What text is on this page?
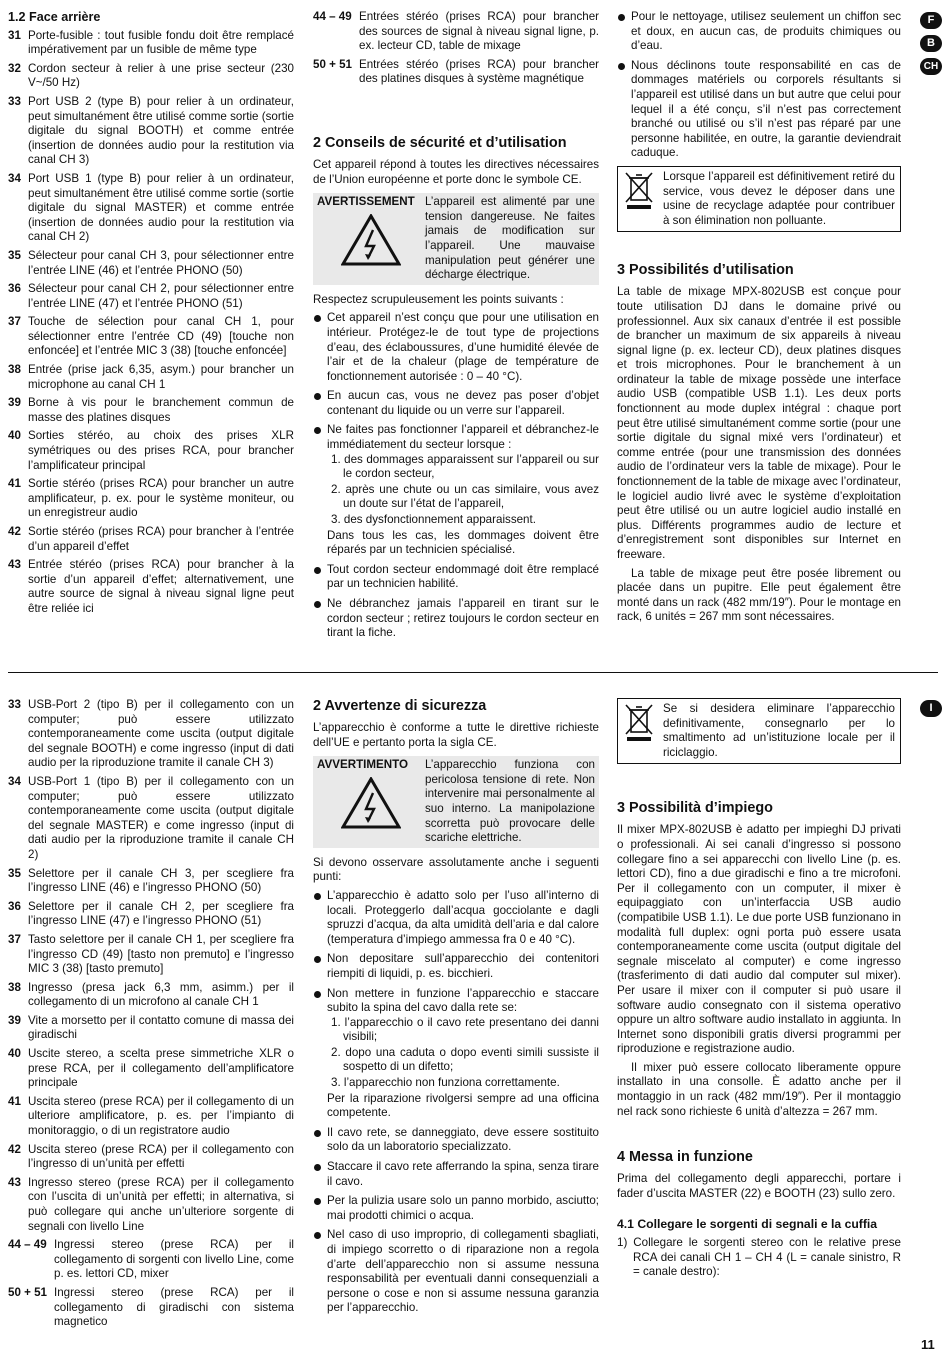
1.2 Face arrière
31 Porte-fusible : tout fusible fondu doit être remplacé impérativement par un fusible de même type
32 Cordon secteur à relier à une prise secteur (230 V~/50 Hz)
33 Port USB 2 (type B) pour relier à un ordinateur, peut simultanément être utilisé comme sortie (sortie digitale du signal BOOTH) et comme entrée (insertion de données audio pour la restitution via canal CH 3)
34 Port USB 1 (type B) pour relier à un ordinateur, peut simultanément être utilisé comme sortie (sortie digitale du signal MASTER) et comme entrée (insertion de données audio pour la restitution via canal CH 2)
35 Sélecteur pour canal CH 3, pour sélectionner entre l’entrée LINE (46) et l’entrée PHONO (50)
36 Sélecteur pour canal CH 2, pour sélectionner entre l’entrée LINE (47) et l’entrée PHONO (51)
37 Touche de sélection pour canal CH 1, pour sélectionner entre l’entrée CD (49) [touche non enfoncée] et l’entrée MIC 3 (38) [touche enfoncée]
38 Entrée (prise jack 6,35, asym.) pour brancher un microphone au canal CH 1
39 Borne à vis pour le branchement commun de masse des platines disques
40 Sorties stéréo, au choix des prises XLR symétriques ou des prises RCA, pour brancher l’amplificateur principal
41 Sortie stéréo (prises RCA) pour brancher un autre amplificateur, p. ex. pour le système moniteur, ou un enregistreur audio
42 Sortie stéréo (prises RCA) pour brancher à l’entrée d’un appareil d’effet
43 Entrée stéréo (prises RCA) pour brancher à la sortie d’un appareil d’effet; alternativement, une autre source de signal à niveau signal ligne peut être reliée ici
44 – 49 Entrées stéréo (prises RCA) pour brancher des sources de signal à niveau signal ligne, p. ex. lecteur CD, table de mixage
50 + 51 Entrées stéréo (prises RCA) pour brancher des platines disques à système magnétique
2 Conseils de sécurité et d’utilisation
Cet appareil répond à toutes les directives nécessaires de l’Union européenne et porte donc le symbole CE.
AVERTISSEMENT L’appareil est alimenté par une tension dangereuse. Ne faites jamais de modification sur l’appareil. Une mauvaise manipulation peut générer une décharge électrique.
Respectez scrupuleusement les points suivants :
Cet appareil n’est conçu que pour une utilisation en intérieur. Protégez-le de tout type de projections d’eau, des éclaboussures, d’une humidité élevée de l’air et de la chaleur (plage de température de fonctionnement autorisée : 0 – 40 °C).
En aucun cas, vous ne devez pas poser d’objet contenant du liquide ou un verre sur l’appareil.
Ne faites pas fonctionner l’appareil et débranchez-le immédiatement du secteur lorsque :
1. des dommages apparaissent sur l’appareil ou sur le cordon secteur,
2. après une chute ou un cas similaire, vous avez un doute sur l’état de l’appareil,
3. des dysfonctionnement apparaissent.
Dans tous les cas, les dommages doivent être réparés par un technicien spécialisé.
Tout cordon secteur endommagé doit être remplacé par un technicien habilité.
Ne débranchez jamais l’appareil en tirant sur le cordon secteur ; retirez toujours le cordon secteur en tirant la fiche.
Pour le nettoyage, utilisez seulement un chiffon sec et doux, en aucun cas, de produits chimiques ou d’eau.
Nous déclinons toute responsabilité en cas de dommages matériels ou corporels résultants si l’appareil est utilisé dans un but autre que celui pour lequel il a été conçu, s’il n’est pas correctement branché ou utilisé ou s’il n’est pas réparé par une personne habilitée, en outre, la garantie deviendrait caduque.
Lorsque l’appareil est définitivement retiré du service, vous devez le déposer dans une usine de recyclage adaptée pour contribuer à son élimination non polluante.
3 Possibilités d’utilisation
La table de mixage MPX-802USB est conçue pour toute utilisation DJ dans le domaine privé ou professionnel. Aux six canaux d’entrée il est possible de brancher un maximum de six appareils à niveau signal ligne (p. ex. lecteur CD), deux platines disques et trois microphones. Pour le branchement à un ordinateur la table de mixage possède une interface audio USB (compatible USB 1.1). Les deux ports fonctionnent au mode duplex intégral : chaque port peut être utilisé simultanément comme sortie (pour une sortie digitale du signal mixé vers l’ordinateur) et comme entrée (pour une transmission des données audio de l’ordinateur vers la table de mixage). Pour le fonctionnement de la table de mixage avec l’ordinateur, le logiciel audio livré avec le système d’exploitation peut être utilisé ou un autre logiciel audio installé en plus. Différents programmes audio de lecture et d’enregistrement sont disponibles sur Internet en freeware.
La table de mixage peut être posée librement ou placée dans un pupitre. Elle peut également être monté dans un rack (482 mm/19″). Pour le montage en rack, 6 unités = 267 mm sont nécessaires.
F
B
CH
33 USB-Port 2 (tipo B) per il collegamento con un computer; può essere utilizzato contemporaneamente come uscita (output digitale del segnale BOOTH) e come ingresso (input di dati audio per la riproduzione tramite il canale CH 3)
34 USB-Port 1 (tipo B) per il collegamento con un computer; può essere utilizzato contemporaneamente come uscita (output digitale del segnale MASTER) e come ingresso (input di dati audio per la riproduzione tramite il canale CH 2)
35 Selettore per il canale CH 3, per scegliere fra l’ingresso LINE (46) e l’ingresso PHONO (50)
36 Selettore per il canale CH 2, per scegliere fra l’ingresso LINE (47) e l’ingresso PHONO (51)
37 Tasto selettore per il canale CH 1, per scegliere fra l’ingresso CD (49) [tasto non premuto] e l’ingresso MIC 3 (38) [tasto premuto]
38 Ingresso (presa jack 6,3 mm, asimm.) per il collegamento di un microfono al canale CH 1
39 Vite a morsetto per il contatto comune di massa dei giradischi
40 Uscite stereo, a scelta prese simmetriche XLR o prese RCA, per il collegamento dell’amplificatore principale
41 Uscita stereo (prese RCA) per il collegamento di un ulteriore amplificatore, p. es. per l’impianto di monitoraggio, o di un registratore audio
42 Uscita stereo (prese RCA) per il collegamento con l’ingresso di un’unità per effetti
43 Ingresso stereo (prese RCA) per il collegamento con l’uscita di un’unità per effetti; in alternativa, si può collegare qui anche un’ulteriore sorgente di segnali con livello Line
44 – 49 Ingressi stereo (prese RCA) per il collegamento di sorgenti con livello Line, come p. es. lettori CD, mixer
50 + 51 Ingressi stereo (prese RCA) per il collegamento di giradischi con sistema magnetico
2 Avvertenze di sicurezza
L’apparecchio è conforme a tutte le direttive richieste dell’UE e pertanto porta la sigla CE.
AVVERTIMENTO	L’apparecchio funziona con pericolosa tensione di rete. Non intervenire mai personalmente al suo interno. La manipolazione scorretta può provocare delle scariche elettriche.
Si devono osservare assolutamente anche i seguenti punti:
L’apparecchio è adatto solo per l’uso all’interno di locali. Proteggerlo dall’acqua gocciolante e dagli spruzzi d’acqua, da alta umidità dell’aria e dal calore (temperatura d’impiego ammessa fra 0 e 40 °C).
Non depositare sull’apparecchio dei contenitori riempiti di liquidi, p. es. bicchieri.
Non mettere in funzione l’apparecchio e staccare subito la spina del cavo dalla rete se:
1. l’apparecchio o il cavo rete presentano dei danni visibili;
2. dopo una caduta o dopo eventi simili sussiste il sospetto di un difetto;
3. l’apparecchio non funziona correttamente.
Per la riparazione rivolgersi sempre ad una officina competente.
Il cavo rete, se danneggiato, deve essere sostituito solo da un laboratorio specializzato.
Staccare il cavo rete afferrando la spina, senza tirare il cavo.
Per la pulizia usare solo un panno morbido, asciutto; mai prodotti chimici o acqua.
Nel caso di uso improprio, di collegamenti sbagliati, di impiego scorretto o di riparazione non a regola d’arte dell’apparecchio non si assume nessuna responsabilità per eventuali danni consequenziali a persone o cose e non si assume nessuna garanzia per l’apparecchio.
Se si desidera eliminare l’apparecchio definitivamente, consegnarlo per lo smaltimento ad un’istituzione locale per il riciclaggio.
3 Possibilità d’impiego
Il mixer MPX-802USB è adatto per impieghi DJ privati o professionali. Ai sei canali d’ingresso si possono collegare fino a sei apparecchi con livello Line (p. es. lettori CD), fino a due giradischi e fino a tre microfoni. Per il collegamento con un computer, il mixer è equipaggiato con un’interfaccia USB audio (compatibile USB 1.1). Le due porte USB funzionano in modalità full duplex: ogni porta può essere usata contemporaneamente come uscita (output digitale del segnale miscelato al computer) e come ingresso (trasferimento di dati audio dal computer sul mixer). Per usare il mixer con il computer si può usare il software audio consegnato con il sistema operativo oppure un altro software audio installato in aggiunta. In Internet sono disponibili gratis diversi programmi per riproduzione e registrazione audio.
Il mixer può essere collocato liberamente oppure installato in una consolle. È adatto anche per il montaggio in un rack (482 mm/19″). Per il montaggio nel rack sono richieste 6 unità d’altezza = 267 mm.
4 Messa in funzione
Prima del collegamento degli apparecchi, portare i fader d’uscita MASTER (22) e BOOTH (23) sullo zero.
4.1 Collegare le sorgenti di segnali e la cuffia
1) Collegare le sorgenti stereo con le relative prese RCA dei canali CH 1 – CH 4 (L = canale sinistro, R = canale destro):
I
11
